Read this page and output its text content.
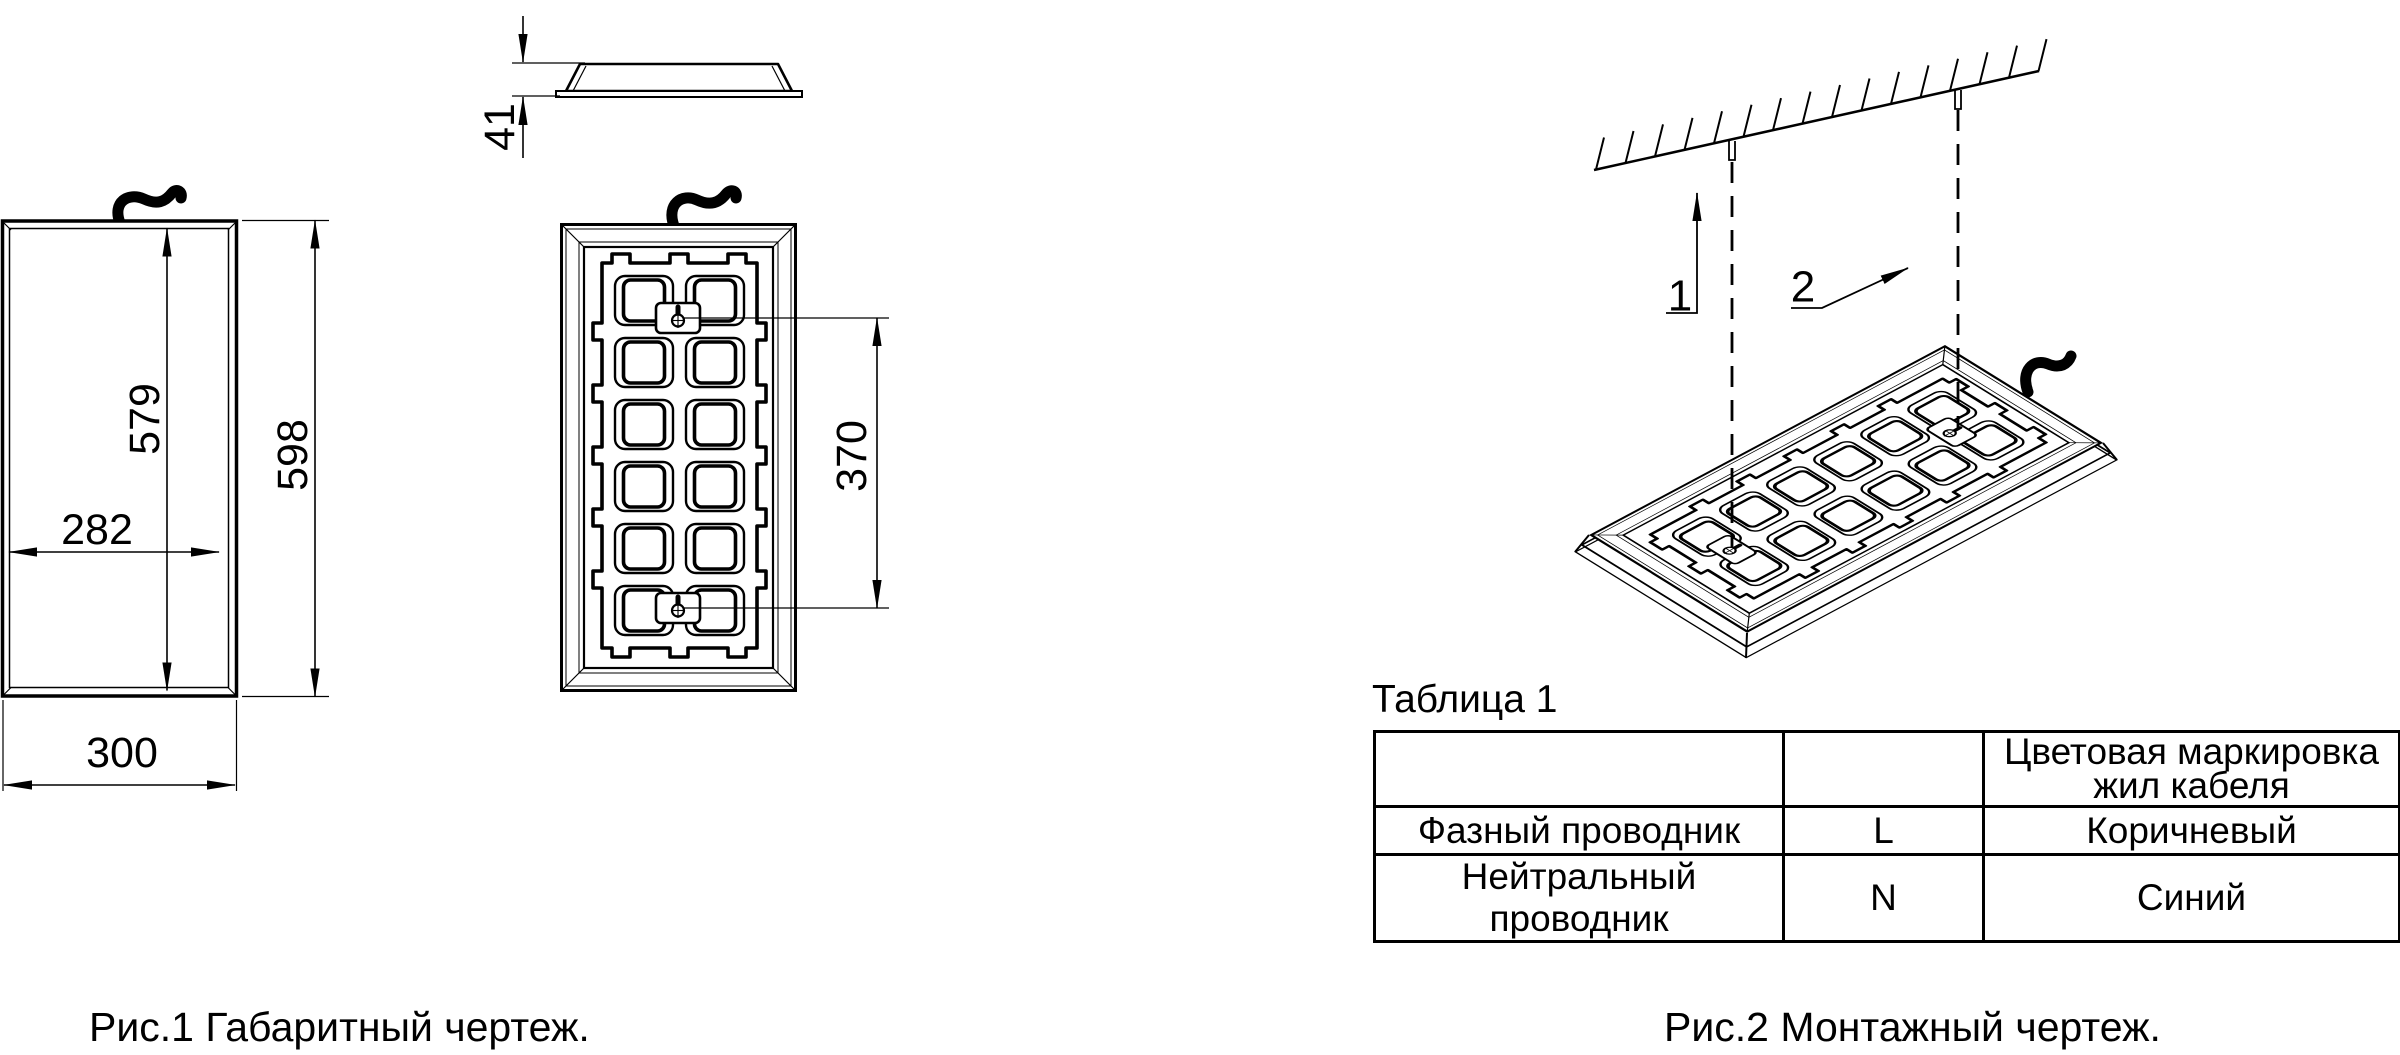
41
579
598
282
300
370
1 2
Рис.1 Габаритный чертеж.	Рис.2 Монтажный чертеж.
Таблица 1

		Цветовая маркировка
жил кабеля

Фазный проводник	L	Коричневый
Нейтральный проводник	N	Синий
